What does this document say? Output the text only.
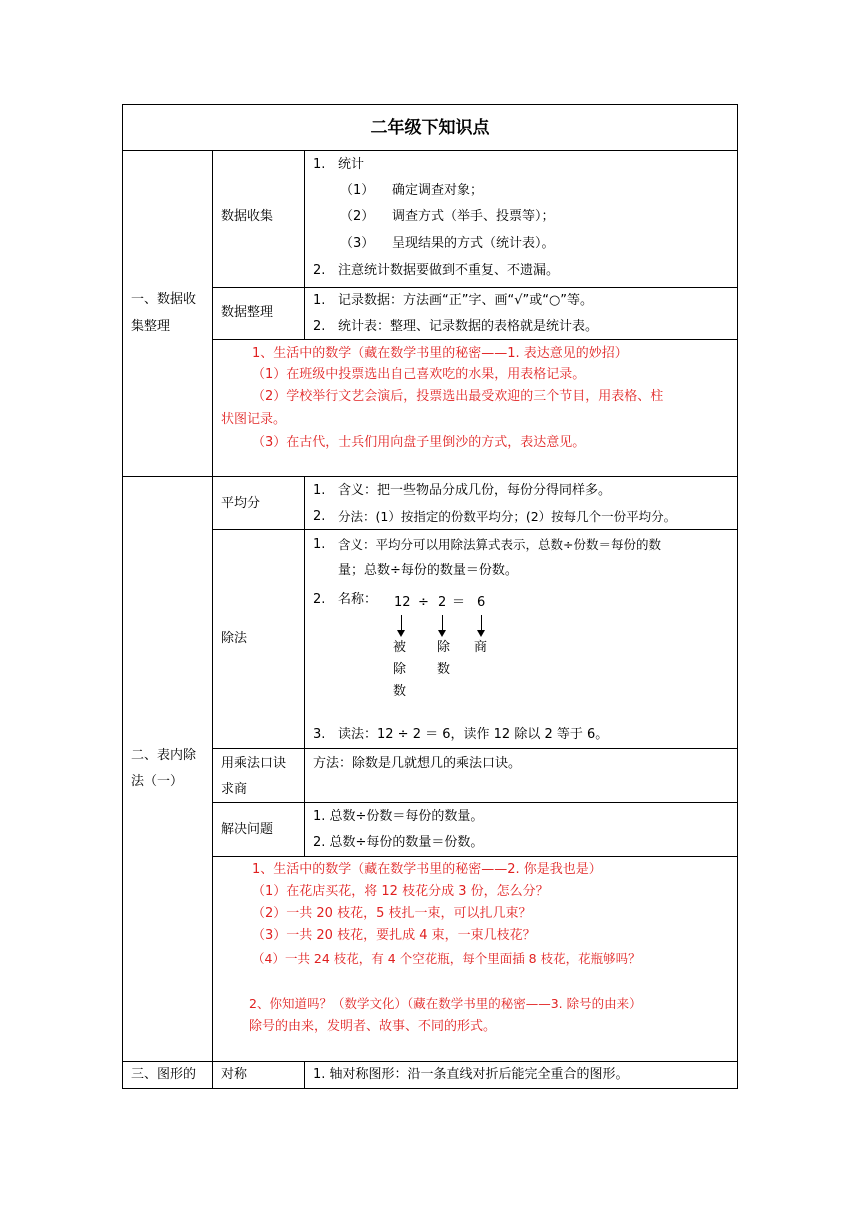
二年级下知识点
一、数据收
集整理
数据收集
1. 统计
（1） 确定调查对象；
（2） 调查方式（举手、投票等）；
（3） 呈现结果的方式（统计表）。
2. 注意统计数据要做到不重复、不遗漏。
数据整理
1. 记录数据：方法画“正”字、画“√”或“○”等。
2. 统计表：整理、记录数据的表格就是统计表。
1、生活中的数学（藏在数学书里的秘密——1. 表达意见的妙招）
（1）在班级中投票选出自己喜欢吃的水果，用表格记录。
（2）学校举行文艺会演后，投票选出最受欢迎的三个节目，用表格、柱
状图记录。
（3）在古代，士兵们用向盘子里倒沙的方式，表达意见。
二、表内除
法（一）
平均分
1. 含义：把一些物品分成几份，每份分得同样多。
2. 分法：(1）按指定的份数平均分；(2）按每几个一份平均分。
除法
1. 含义：平均分可以用除法算式表示，总数÷份数＝每份的数
量；总数÷每份的数量＝份数。
2. 名称： 12 ÷ 2 ＝ 6
被
除
数
除
数
商
3. 读法：12 ÷ 2 ＝ 6，读作 12 除以 2 等于 6。
用乘法口诀
求商
方法：除数是几就想几的乘法口诀。
解决问题
1. 总数÷份数＝每份的数量。
2. 总数÷每份的数量＝份数。
1、生活中的数学（藏在数学书里的秘密——2. 你是我也是）
（1）在花店买花，将 12 枝花分成 3 份，怎么分？
（2）一共 20 枝花，5 枝扎一束，可以扎几束？
（3）一共 20 枝花，要扎成 4 束，一束几枝花？
（4）一共 24 枝花，有 4 个空花瓶，每个里面插 8 枝花，花瓶够吗？
2、你知道吗？（数学文化）（藏在数学书里的秘密——3. 除号的由来）
除号的由来，发明者、故事、不同的形式。
三、图形的 对称	1. 轴对称图形：沿一条直线对折后能完全重合的图形。
